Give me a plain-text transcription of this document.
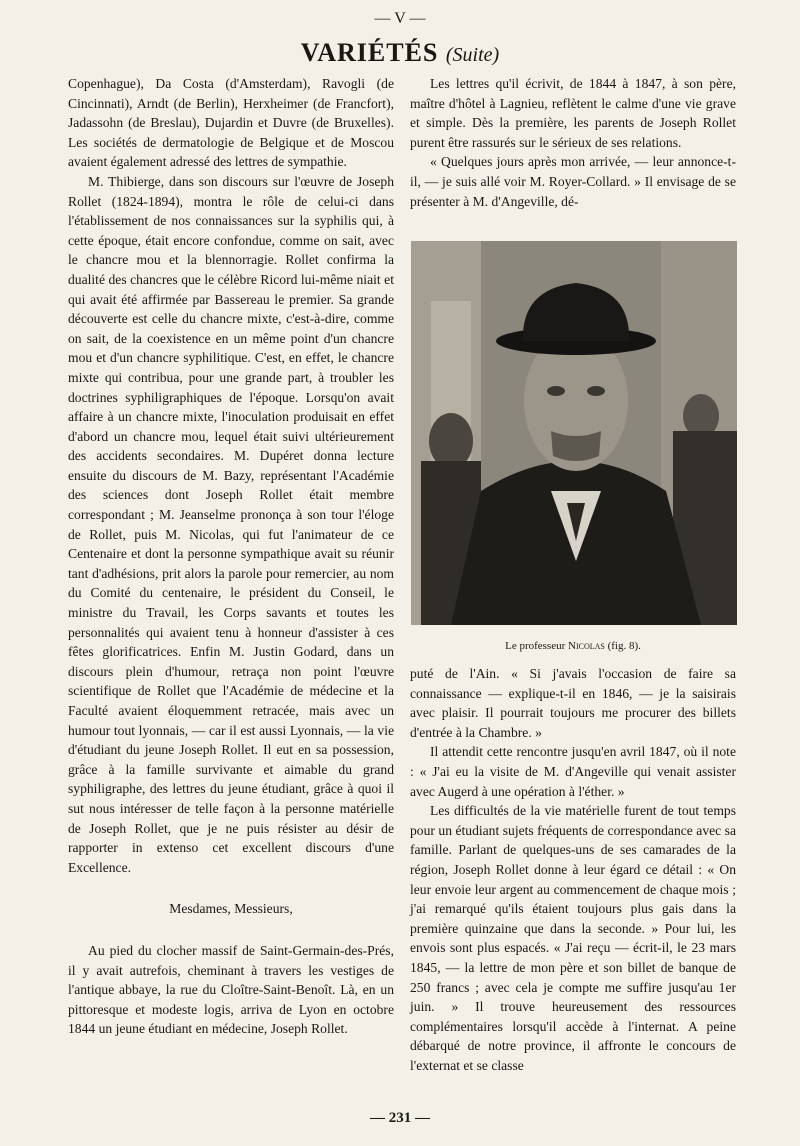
— V —
VARIÉTÉS (Suite)

Copenhague), Da Costa (d'Amsterdam), Ravogli (de Cincinnati), Arndt (de Berlin), Herxheimer (de Francfort), Jadassohn (de Breslau), Dujardin et Duvre (de Bruxelles). Les sociétés de dermatologie de Belgique et de Moscou avaient également adressé des lettres de sympathie.

M. Thibierge, dans son discours sur l'œuvre de Joseph Rollet (1824-1894), montra le rôle de celui-ci dans l'établissement de nos connaissances sur la syphilis qui, à cette époque, était encore confondue, comme on sait, avec le chancre mou et la blennorragie. Rollet confirma la dualité des chancres que le célèbre Ricord lui-même niait et qui avait été affirmée par Bassereau le premier. Sa grande découverte est celle du chancre mixte, c'est-à-dire, comme on sait, de la coexistence en un même point d'un chancre mou et d'un chancre syphilitique. C'est, en effet, le chancre mixte qui contribua, pour une grande part, à troubler les doctrines syphiligraphiques de l'époque. Lorsqu'on avait affaire à un chancre mixte, l'inoculation produisait en effet d'abord un chancre mou, lequel était suivi ultérieurement des accidents secondaires. M. Dupéret donna lecture ensuite du discours de M. Bazy, représentant l'Académie des sciences dont Joseph Rollet était membre correspondant ; M. Jeanselme prononça à son tour l'éloge de Rollet, puis M. Nicolas, qui fut l'animateur de ce Centenaire et dont la personne sympathique avait su réunir tant d'adhésions, prit alors la parole pour remercier, au nom du Comité du centenaire, le président du Conseil, le ministre du Travail, les Corps savants et toutes les personnalités qui avaient tenu à honneur d'assister à ces fêtes glorificatrices. Enfin M. Justin Godard, dans un discours plein d'humour, retraça non point l'œuvre scientifique de Rollet que l'Académie de médecine et la Faculté avaient éloquemment retracée, mais avec un humour tout lyonnais, — car il est aussi Lyonnais, — la vie d'étudiant du jeune Joseph Rollet. Il eut en sa possession, grâce à la famille survivante et aimable du grand syphiligraphe, des lettres du jeune étudiant, grâce à quoi il sut nous intéresser de telle façon à la personne matérielle de Joseph Rollet, que je ne puis résister au désir de rapporter in extenso cet excellent discours d'une Excellence.

Mesdames, Messieurs,

Au pied du clocher massif de Saint-Germain-des-Prés, il y avait autrefois, cheminant à travers les vestiges de l'antique abbaye, la rue du Cloître-Saint-Benoît. Là, en un pittoresque et modeste logis, arriva de Lyon en octobre 1844 un jeune étudiant en médecine, Joseph Rollet.

Les lettres qu'il écrivit, de 1844 à 1847, à son père, maître d'hôtel à Lagnieu, reflètent le calme d'une vie grave et simple. Dès la première, les parents de Joseph Rollet purent être rassurés sur le sérieux de ses relations.

« Quelques jours après mon arrivée, — leur annonce-t-il, — je suis allé voir M. Royer-Collard. » Il envisage de se présenter à M. d'Angeville, dé-

Le professeur Nicolas (fig. 8).

puté de l'Ain. « Si j'avais l'occasion de faire sa connaissance — explique-t-il en 1846, — je la saisirais avec plaisir. Il pourrait toujours me procurer des billets d'entrée à la Chambre. »

Il attendit cette rencontre jusqu'en avril 1847, où il note : « J'ai eu la visite de M. d'Angeville qui venait assister avec Augerd à une opération à l'éther. »

Les difficultés de la vie matérielle furent de tout temps pour un étudiant sujets fréquents de correspondance avec sa famille. Parlant de quelques-uns de ses camarades de la région, Joseph Rollet donne à leur égard ce détail : « On leur envoie leur argent au commencement de chaque mois ; j'ai remarqué qu'ils étaient toujours plus gais dans la première quinzaine que dans la seconde. » Pour lui, les envois sont plus espacés. « J'ai reçu — écrit-il, le 23 mars 1845, — la lettre de mon père et son billet de banque de 250 francs ; avec cela je compte me suffire jusqu'au 1er juin. » Il trouve heureusement des ressources complémentaires lorsqu'il accède à l'internat. A peine débarqué de notre province, il affronte le concours de l'externat et se classe

— 231 —
